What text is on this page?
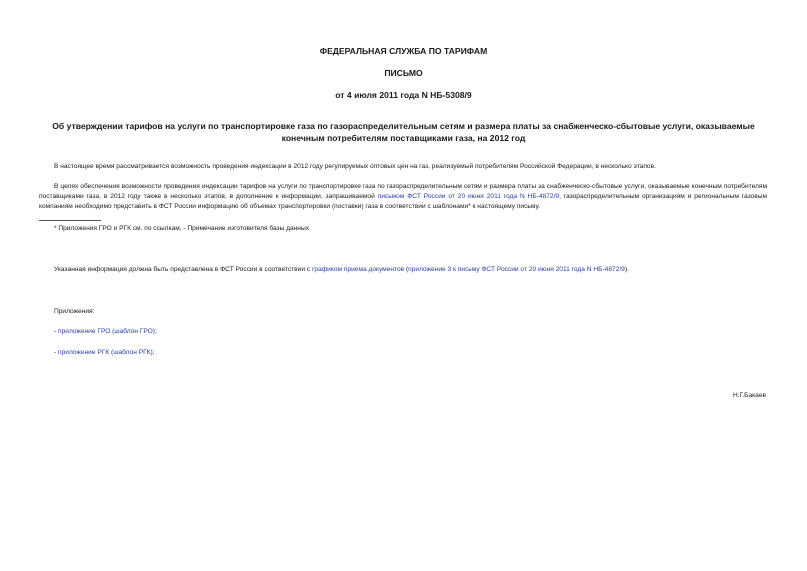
ФЕДЕРАЛЬНАЯ СЛУЖБА ПО ТАРИФАМ
ПИСЬМО
от 4 июля 2011 года N НБ-5308/9
Об утверждении тарифов на услуги по транспортировке газа по газораспределительным сетям и размера платы за снабженческо-сбытовые услуги, оказываемые
конечным потребителям поставщиками газа, на 2012 год
В настоящее время рассматривается возможность проведения индексации в 2012 году регулируемых оптовых цен на газ, реализуемый потребителям Российской Федерации, в несколько этапов.
В целях обеспечения возможности проведения индексации тарифов на услуги по транспортировке газа по газораспределительным сетям и размера платы за снабженческо-сбытовые услуги, оказываемые конечным потребителям поставщиками газа, в 2012 году также в несколько этапов, в дополнение к информации, запрашиваемой письмом ФСТ России от 20 июня 2011 года N НБ-4872/9, газораспределительным организациям и региональным газовым компаниям необходимо представить в ФСТ России информацию об объемах транспортировки (поставки) газа в соответствии с шаблонами* к настоящему письму.
* Приложения ГРО и РГК см. по ссылкам. - Примечание изготовителя базы данных
Указанная информация должна быть представлена в ФСТ России в соответствии с графиком приема документов (приложение 3 к письму ФСТ России от 20 июня 2011 года N НБ-4872/9).
Приложения:
- приложение ГРО (шаблон ГРО);
- приложение РГК (шаблон РГК);
Н.Г.Бакаев
